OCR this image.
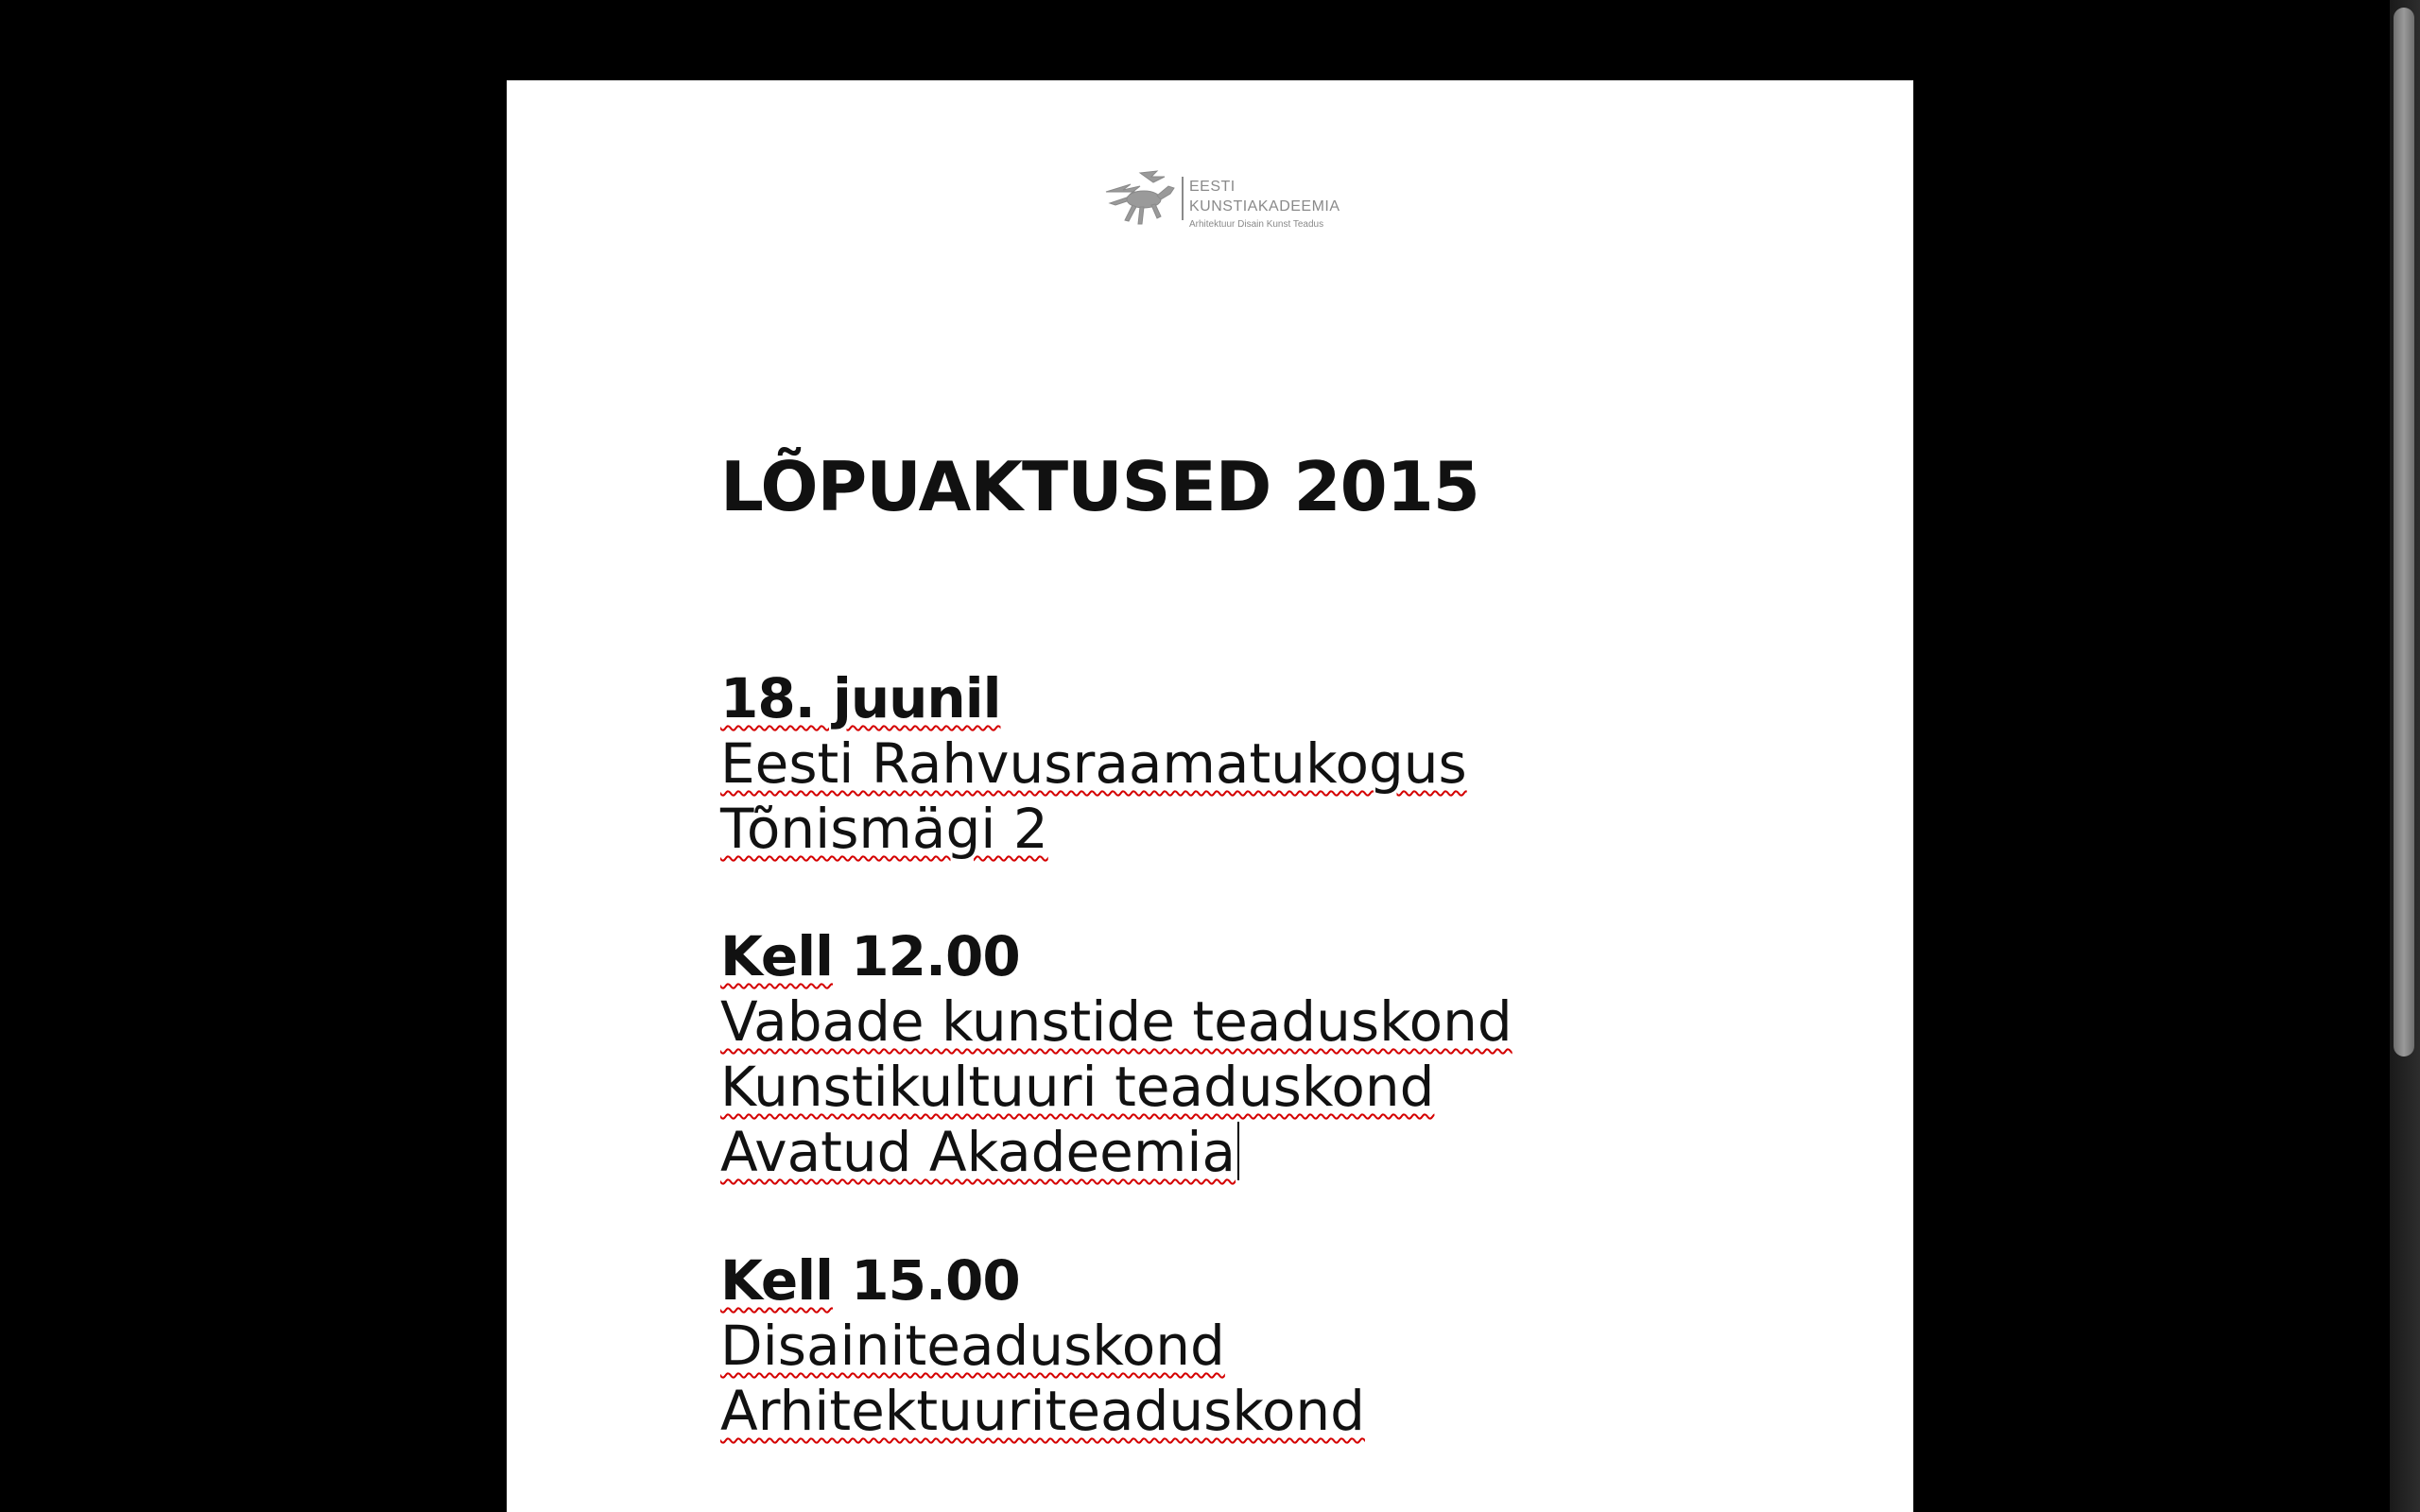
EESTI
KUNSTIAKADEEMIA
Arhitektuur Disain Kunst Teadus
LÕPUAKTUSED 2015
18. juunil
Eesti Rahvusraamatukogus
Tõnismägi 2
Kell 12.00
Vabade kunstide teaduskond
Kunstikultuuri teaduskond
Avatud Akadeemia
Kell 15.00
Disainiteaduskond
Arhitektuuriteaduskond
